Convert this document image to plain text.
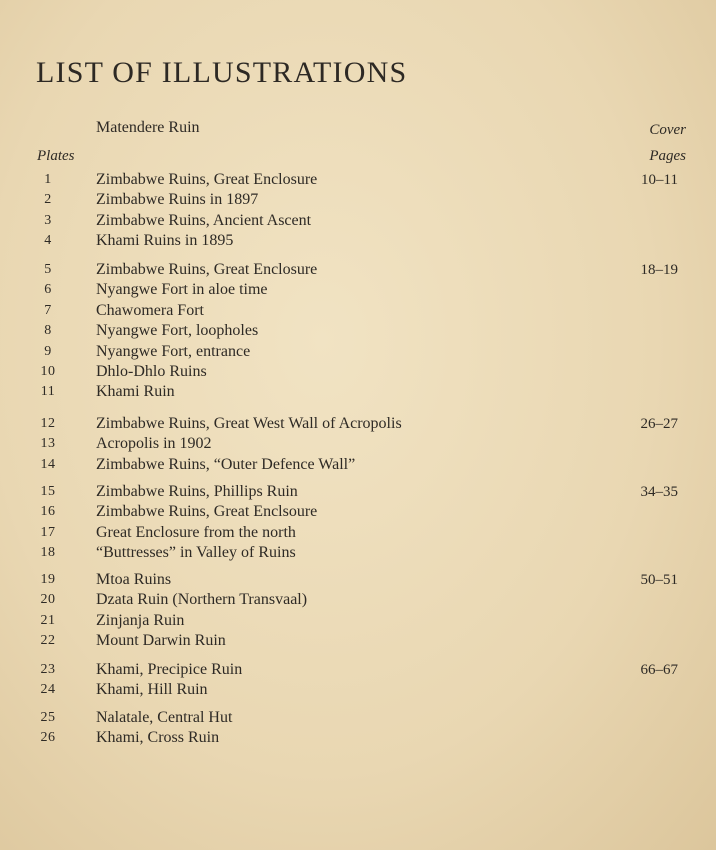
LIST OF ILLUSTRATIONS
Matendere Ruin	Cover
Plates	Pages
1	Zimbabwe Ruins, Great Enclosure	10–11
2	Zimbabwe Ruins in 1897
3	Zimbabwe Ruins, Ancient Ascent
4	Khami Ruins in 1895
5	Zimbabwe Ruins, Great Enclosure	18–19
6	Nyangwe Fort in aloe time
7	Chawomera Fort
8	Nyangwe Fort, loopholes
9	Nyangwe Fort, entrance
10	Dhlo-Dhlo Ruins
11	Khami Ruin
12	Zimbabwe Ruins, Great West Wall of Acropolis	26–27
13	Acropolis in 1902
14	Zimbabwe Ruins, “Outer Defence Wall”
15	Zimbabwe Ruins, Phillips Ruin	34–35
16	Zimbabwe Ruins, Great Enclsoure
17	Great Enclosure from the north
18	“Buttresses” in Valley of Ruins
19	Mtoa Ruins	50–51
20	Dzata Ruin (Northern Transvaal)
21	Zinjanja Ruin
22	Mount Darwin Ruin
23	Khami, Precipice Ruin	66–67
24	Khami, Hill Ruin
25	Nalatale, Central Hut
26	Khami, Cross Ruin
